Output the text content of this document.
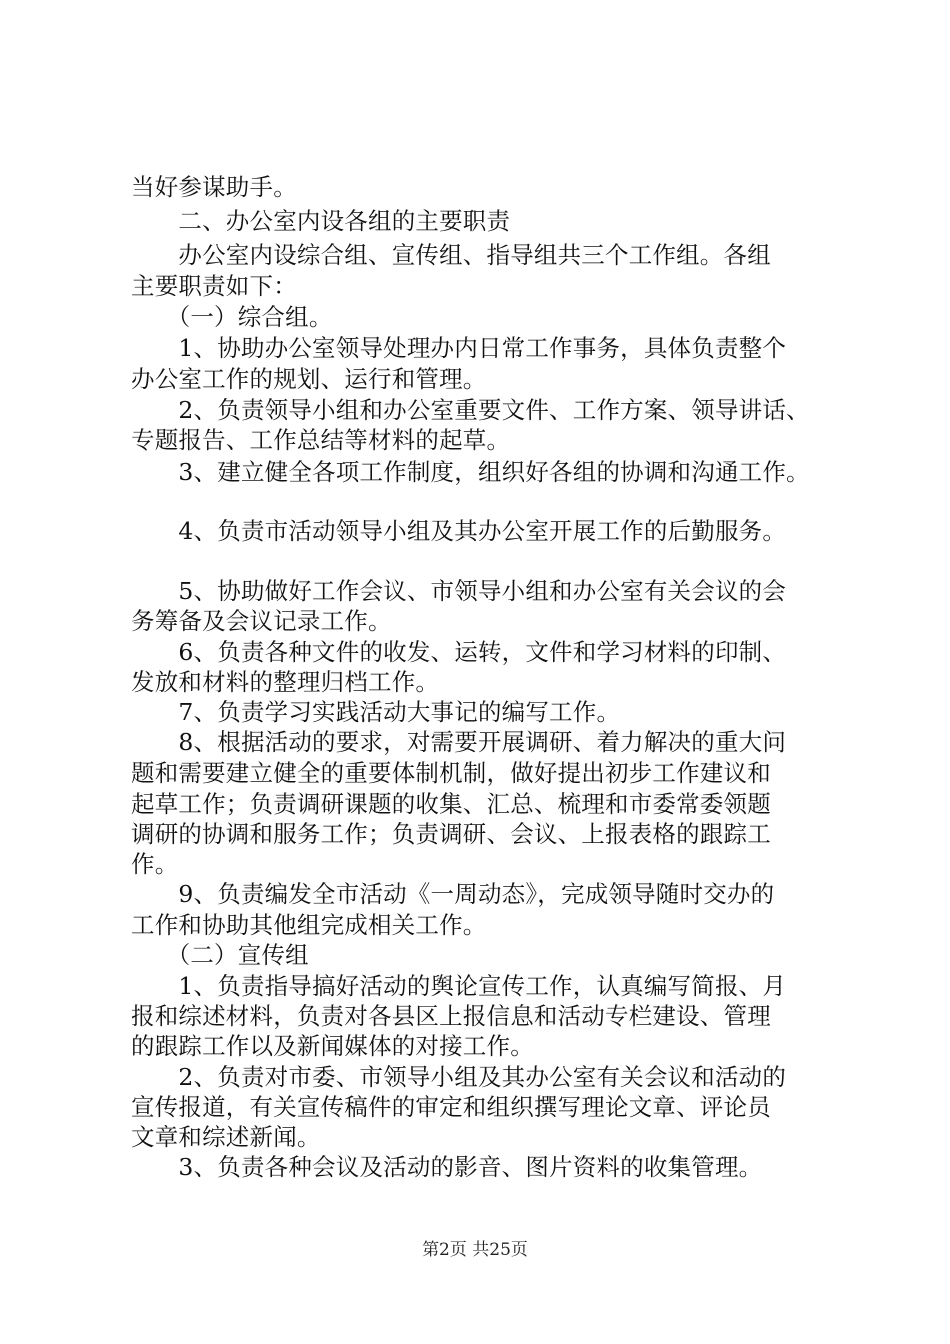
当好参谋助手。
　　二、办公室内设各组的主要职责
　　办公室内设综合组、宣传组、指导组共三个工作组。各组
主要职责如下：
　　（一）综合组。
　　1、协助办公室领导处理办内日常工作事务，具体负责整个
办公室工作的规划、运行和管理。
　　2、负责领导小组和办公室重要文件、工作方案、领导讲话、
专题报告、工作总结等材料的起草。
　　3、建立健全各项工作制度，组织好各组的协调和沟通工作。
　　4、负责市活动领导小组及其办公室开展工作的后勤服务。
　　5、协助做好工作会议、市领导小组和办公室有关会议的会
务筹备及会议记录工作。
　　6、负责各种文件的收发、运转，文件和学习材料的印制、
发放和材料的整理归档工作。
　　7、负责学习实践活动大事记的编写工作。
　　8、根据活动的要求，对需要开展调研、着力解决的重大问
题和需要建立健全的重要体制机制，做好提出初步工作建议和
起草工作；负责调研课题的收集、汇总、梳理和市委常委领题
调研的协调和服务工作；负责调研、会议、上报表格的跟踪工
作。
　　9、负责编发全市活动《一周动态》，完成领导随时交办的
工作和协助其他组完成相关工作。
　　（二）宣传组
　　1、负责指导搞好活动的舆论宣传工作，认真编写简报、月
报和综述材料，负责对各县区上报信息和活动专栏建设、管理
的跟踪工作以及新闻媒体的对接工作。
　　2、负责对市委、市领导小组及其办公室有关会议和活动的
宣传报道，有关宣传稿件的审定和组织撰写理论文章、评论员
文章和综述新闻。
　　3、负责各种会议及活动的影音、图片资料的收集管理。
第2页 共25页
